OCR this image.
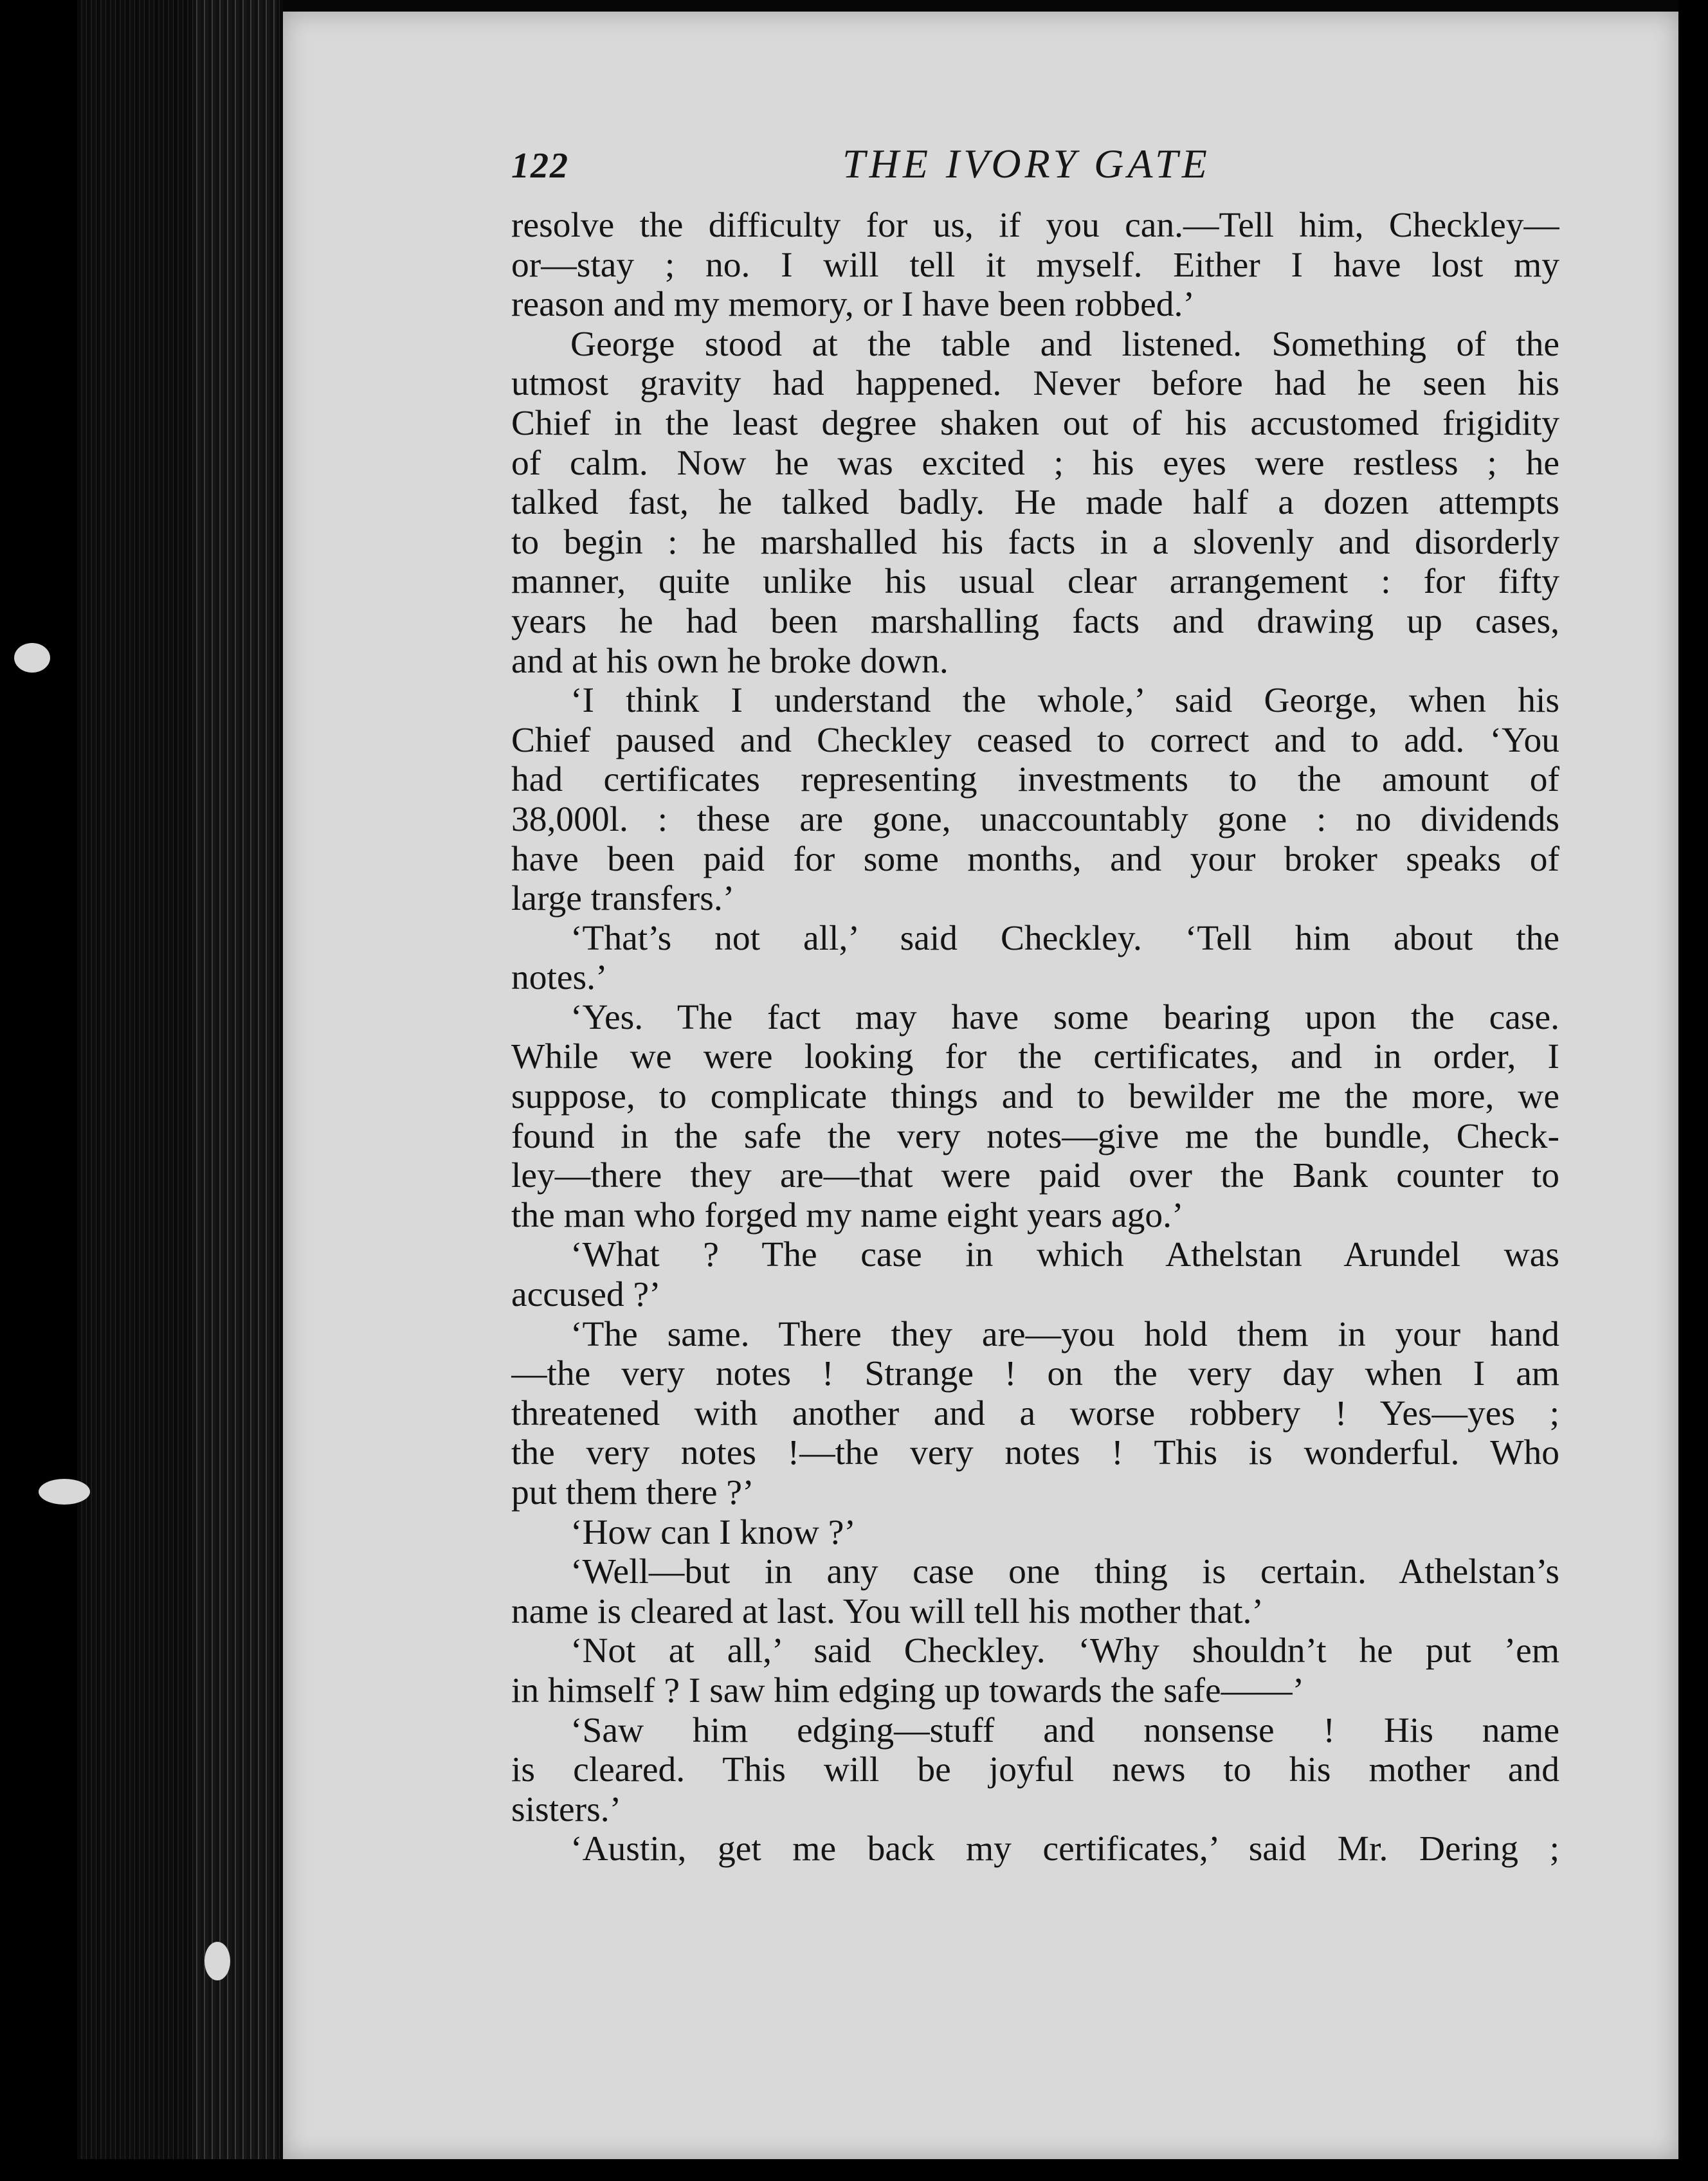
122	THE IVORY GATE
resolve the difficulty for us, if you can.—Tell him, Checkley—
or—stay ; no. I will tell it myself. Either I have lost my
reason and my memory, or I have been robbed.’
George stood at the table and listened. Something of the
utmost gravity had happened. Never before had he seen his
Chief in the least degree shaken out of his accustomed frigidity
of calm. Now he was excited ; his eyes were restless ; he
talked fast, he talked badly. He made half a dozen attempts
to begin : he marshalled his facts in a slovenly and disorderly
manner, quite unlike his usual clear arrangement : for fifty
years he had been marshalling facts and drawing up cases,
and at his own he broke down.
‘I think I understand the whole,’ said George, when his
Chief paused and Checkley ceased to correct and to add. ‘You
had certificates representing investments to the amount of
38,000l. : these are gone, unaccountably gone : no dividends
have been paid for some months, and your broker speaks of
large transfers.’
‘That’s not all,’ said Checkley. ‘Tell him about the
notes.’
‘Yes. The fact may have some bearing upon the case.
While we were looking for the certificates, and in order, I
suppose, to complicate things and to bewilder me the more, we
found in the safe the very notes—give me the bundle, Check-
ley—there they are—that were paid over the Bank counter to
the man who forged my name eight years ago.’
‘What ? The case in which Athelstan Arundel was
accused ?’
‘The same. There they are—you hold them in your hand
—the very notes ! Strange ! on the very day when I am
threatened with another and a worse robbery ! Yes—yes ;
the very notes !—the very notes ! This is wonderful. Who
put them there ?’
‘How can I know ?’
‘Well—but in any case one thing is certain. Athelstan’s
name is cleared at last. You will tell his mother that.’
‘Not at all,’ said Checkley. ‘Why shouldn’t he put ’em
in himself ? I saw him edging up towards the safe——’
‘Saw him edging—stuff and nonsense ! His name
is cleared. This will be joyful news to his mother and
sisters.’
‘Austin, get me back my certificates,’ said Mr. Dering ;
